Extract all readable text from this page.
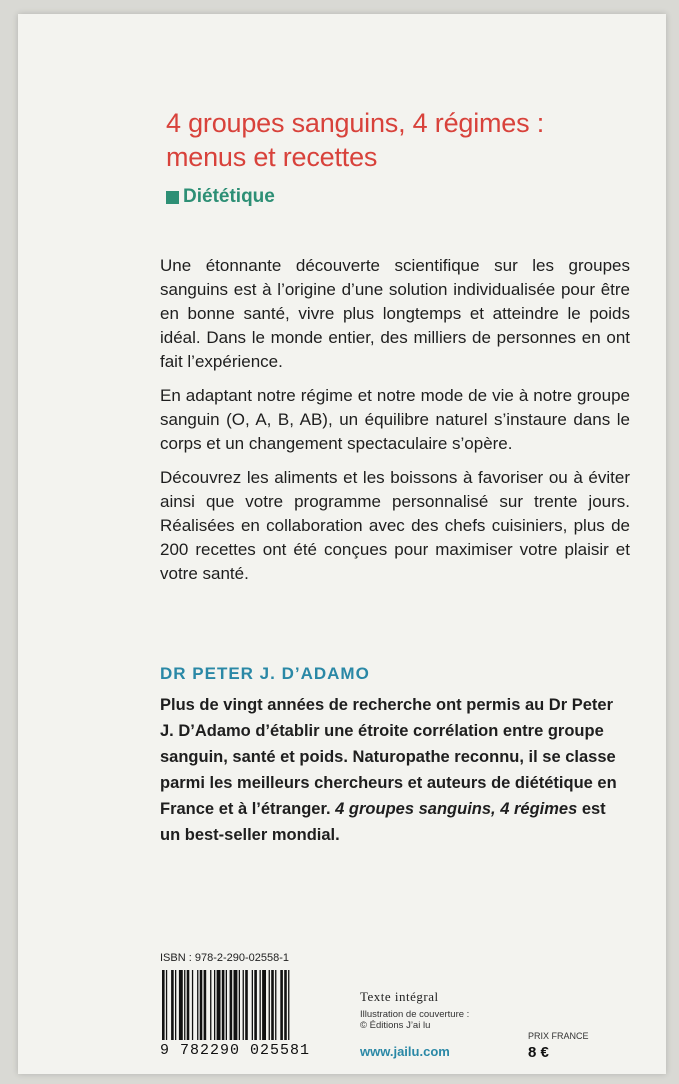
4 groupes sanguins, 4 régimes :
menus et recettes
Diététique

Une étonnante découverte scientifique sur les groupes sanguins est à l’origine d’une solution individualisée pour être en bonne santé, vivre plus longtemps et atteindre le poids idéal. Dans le monde entier, des milliers de personnes en ont fait l’expérience.

En adaptant notre régime et notre mode de vie à notre groupe sanguin (O, A, B, AB), un équilibre naturel s’instaure dans le corps et un changement spectaculaire s’opère.

Découvrez les aliments et les boissons à favoriser ou à éviter ainsi que votre programme personnalisé sur trente jours. Réalisées en collaboration avec des chefs cuisiniers, plus de 200 recettes ont été conçues pour maximiser votre plaisir et votre santé.

DR PETER J. D’ADAMO
Plus de vingt années de recherche ont permis au Dr Peter J. D’Adamo d’établir une étroite corrélation entre groupe sanguin, santé et poids. Naturopathe reconnu, il se classe parmi les meilleurs chercheurs et auteurs de diététique en France et à l’étranger. 4 groupes sanguins, 4 régimes est un best-seller mondial.
ISBN : 978-2-290-02558-1
9 782290 025581
Texte intégral
Illustration de couverture :
© Éditions J’ai lu
www.jailu.com
PRIX FRANCE
8 €
